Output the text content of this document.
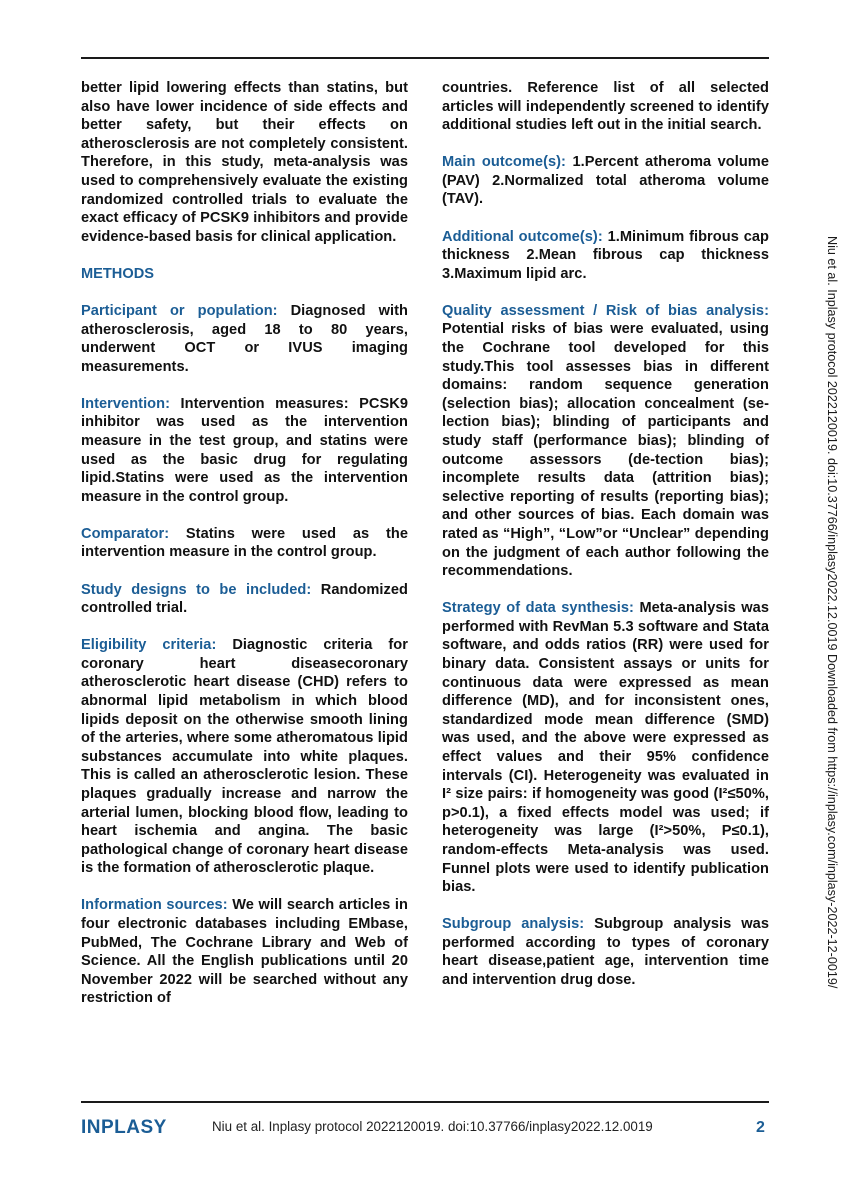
better lipid lowering effects than statins, but also have lower incidence of side effects and better safety, but their effects on atherosclerosis are not completely consistent. Therefore, in this study, meta-analysis was used to comprehensively evaluate the existing randomized controlled trials to evaluate the exact efficacy of PCSK9 inhibitors and provide evidence-based basis for clinical application.

METHODS

Participant or population: Diagnosed with atherosclerosis, aged 18 to 80 years, underwent OCT or IVUS imaging measurements.

Intervention: Intervention measures: PCSK9 inhibitor was used as the intervention measure in the test group, and statins were used as the basic drug for regulating lipid.Statins were used as the intervention measure in the control group.

Comparator: Statins were used as the intervention measure in the control group.

Study designs to be included: Randomized controlled trial.

Eligibility criteria: Diagnostic criteria for coronary heart diseasecoronary atherosclerotic heart disease (CHD) refers to abnormal lipid metabolism in which blood lipids deposit on the otherwise smooth lining of the arteries, where some atheromatous lipid substances accumulate into white plaques. This is called an atherosclerotic lesion. These plaques gradually increase and narrow the arterial lumen, blocking blood flow, leading to heart ischemia and angina. The basic pathological change of coronary heart disease is the formation of atherosclerotic plaque.

Information sources: We will search articles in four electronic databases including EMbase, PubMed, The Cochrane Library and Web of Science. All the English publications until 20 November 2022 will be searched without any restriction of

countries. Reference list of all selected articles will independently screened to identify additional studies left out in the initial search.

Main outcome(s): 1.Percent atheroma volume (PAV) 2.Normalized total atheroma volume (TAV).

Additional outcome(s): 1.Minimum fibrous cap thickness 2.Mean fibrous cap thickness 3.Maximum lipid arc.

Quality assessment / Risk of bias analysis: Potential risks of bias were evaluated, using the Cochrane tool developed for this study.This tool assesses bias in different domains: random sequence generation (selection bias); allocation concealment (se-lection bias); blinding of participants and study staff (performance bias); blinding of outcome assessors (de-tection bias); incomplete results data (attrition bias); selective reporting of results (reporting bias); and other sources of bias. Each domain was rated as “High”, “Low”or “Unclear” depending on the judgment of each author following the recommendations.

Strategy of data synthesis: Meta-analysis was performed with RevMan 5.3 software and Stata software, and odds ratios (RR) were used for binary data. Consistent assays or units for continuous data were expressed as mean difference (MD), and for inconsistent ones, standardized mode mean difference (SMD) was used, and the above were expressed as effect values and their 95% confidence intervals (CI). Heterogeneity was evaluated in I² size pairs: if homogeneity was good (I²≤50%, p>0.1), a fixed effects model was used; if heterogeneity was large (I²>50%, P≤0.1), random-effects Meta-analysis was used. Funnel plots were used to identify publication bias.

Subgroup analysis: Subgroup analysis was performed according to types of coronary heart disease,patient age, intervention time and intervention drug dose.	Niu et al. Inplasy protocol 2022120019. doi:10.37766/inplasy2022.12.0019 Downloaded from https://inplasy.com/inplasy-2022-12-0019/
INPLASY	Niu et al. Inplasy protocol 2022120019. doi:10.37766/inplasy2022.12.0019	2
